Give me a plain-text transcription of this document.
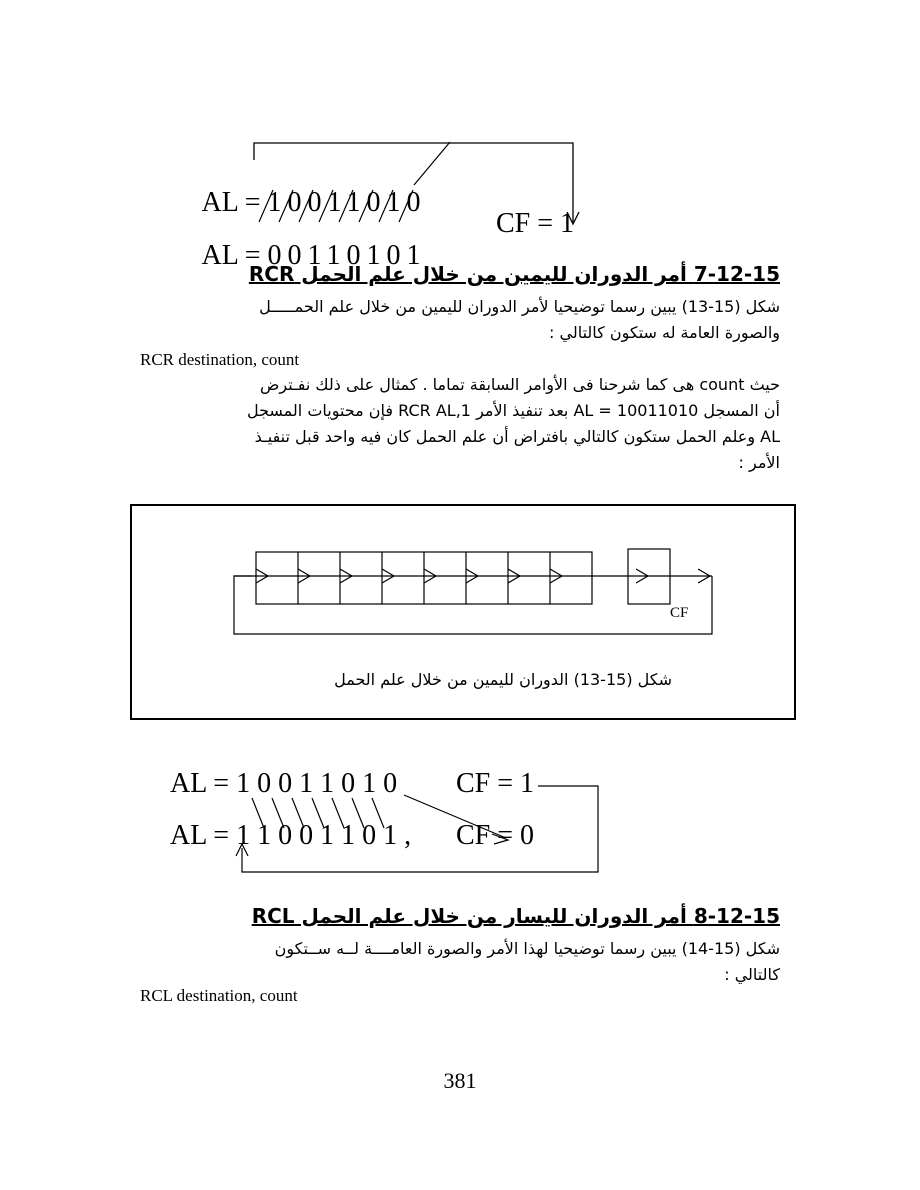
AL = 10011010

AL = 00110101

CF = 1
7-12-15 أمر الدوران لليمين من خلال علم الحمل RCR
شكل (15-13) يبين رسما توضيحيا لأمر الدوران لليمين من خلال علم الحمـــــل
والصورة العامة له ستكون كالتالي :
RCR destination, count
حيث count هى كما شرحنا فى الأوامر السابقة تماما . كمثال على ذلك نفـترض
أن المسجل AL = 10011010 بعد تنفيذ الأمر RCR AL,1 فإن محتويات المسجل
AL وعلم الحمل ستكون كالتالي بافتراض أن علم الحمل كان فيه واحد قبل تنفيـذ
الأمر :
CF
شكل (15-13) الدوران لليمين من خلال علم الحمل
AL = 1 0 0 1 1 0 1 0 CF = 1
AL = 1 1 0 0 1 1 0 1 , CF = 0
8-12-15 أمر الدوران لليسار من خلال علم الحمل RCL
شكل (15-14) يبين رسما توضيحيا لهذا الأمر والصورة العامــــة لــه ســتكون
كالتالي :
RCL destination, count
381
